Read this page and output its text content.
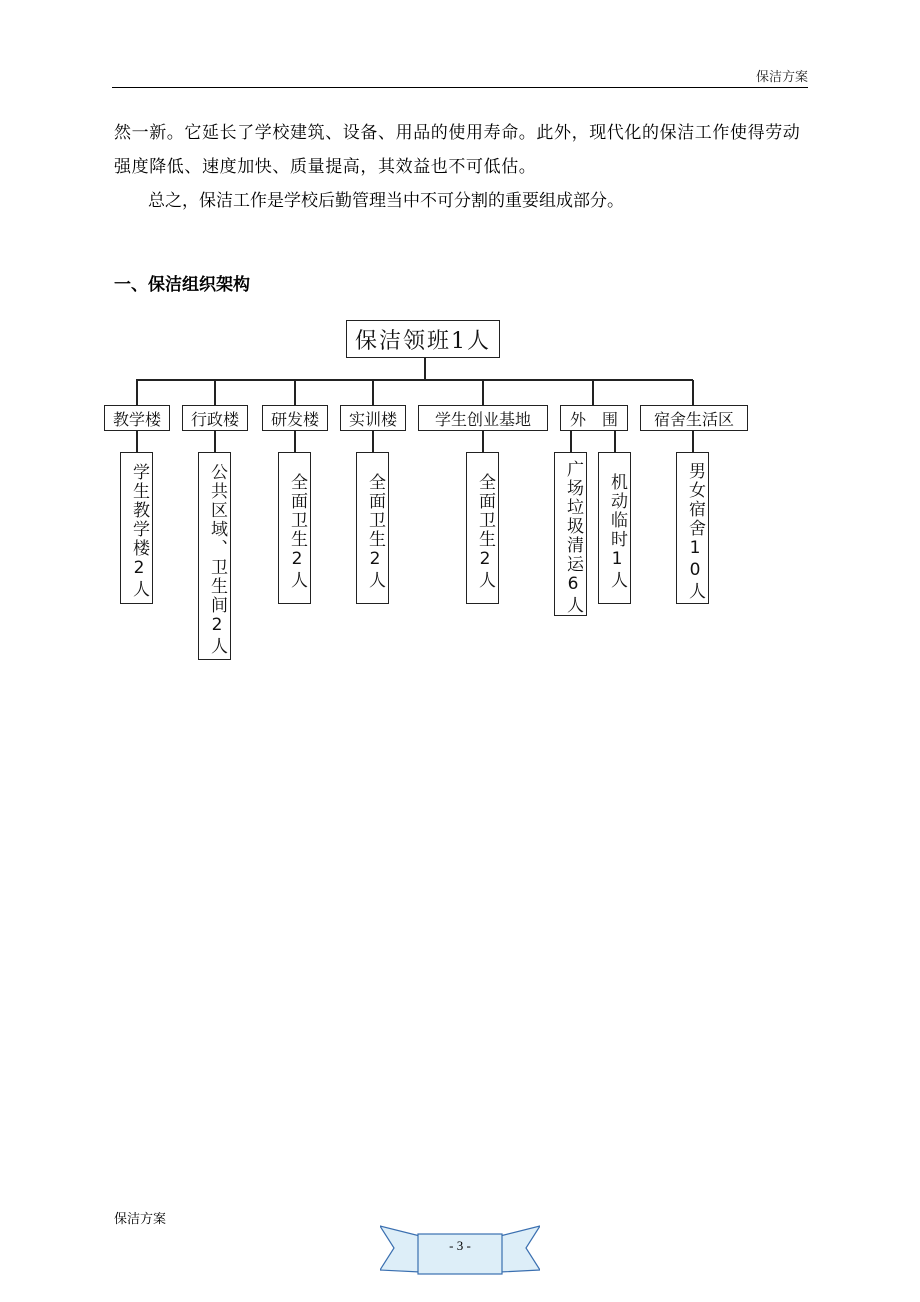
保洁方案

然一新。它延长了学校建筑、设备、用品的使用寿命。此外，现代化的保洁工作使得劳动强度降低、速度加快、质量提高，其效益也不可低估。

总之，保洁工作是学校后勤管理当中不可分割的重要组成部分。

一、保洁组织架构
保洁领班1人
教学楼	行政楼	研发楼	实训楼	学生创业基地	外　围	宿舍生活区
学生教学楼2人	公共区域、卫生间2人	全面卫生2人	全面卫生2人	全面卫生2人	广场垃圾清运6人	机动临时1人	男女宿舍10人
保洁方案
- 3 -
